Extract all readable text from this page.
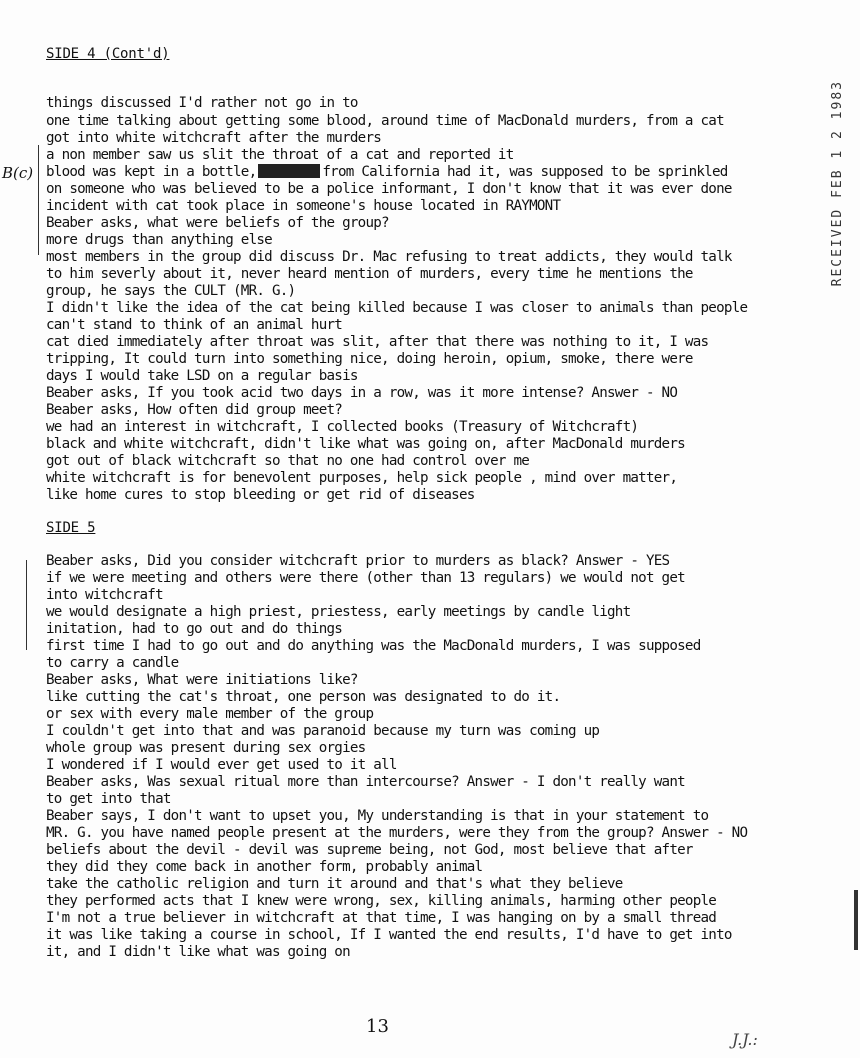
SIDE 4 (Cont'd)
things discussed I'd rather not go in to
one time talking about getting some blood, around time of MacDonald murders, from a cat
got into white witchcraft after the murders
a non member saw us slit the throat of a cat and reported it
blood was kept in a bottle,	from California had it, was supposed to be sprinkled
on someone who was believed to be a police informant, I don't know that it was ever done
incident with cat took place in someone's house located in RAYMONT
Beaber asks, what were beliefs of the group?
more drugs than anything else
most members in the group did discuss Dr. Mac refusing to treat addicts, they would talk
to him severly about it, never heard mention of murders, every time he mentions the
group, he says the CULT (MR. G.)
I didn't like the idea of the cat being killed because I was closer to animals than people
can't stand to think of an animal hurt
cat died immediately after throat was slit, after that there was nothing to it, I was
tripping, It could turn into something nice, doing heroin, opium, smoke, there were
days I would take LSD on a regular basis
Beaber asks, If you took acid two days in a row, was it more intense? Answer - NO
Beaber asks, How often did group meet?
we had an interest in witchcraft, I collected books (Treasury of Witchcraft)
black and white witchcraft, didn't like what was going on, after MacDonald murders
got out of black witchcraft so that no one had control over me
white witchcraft is for benevolent purposes, help sick people , mind over matter,
like home cures to stop bleeding or get rid of diseases
SIDE 5
Beaber asks, Did you consider witchcraft prior to murders as black? Answer - YES
if we were meeting and others were there (other than 13 regulars) we would not get
into witchcraft
we would designate a high priest, priestess, early meetings by candle light
initation, had to go out and do things
first time I had to go out and do anything was the MacDonald murders, I was supposed
to carry a candle
Beaber asks, What were initiations like?
like cutting the cat's throat, one person was designated to do it.
or sex with every male member of the group
I couldn't get into that and was paranoid because my turn was coming up
whole group was present during sex orgies
I wondered if I would ever get used to it all
Beaber asks, Was sexual ritual more than intercourse? Answer - I don't really want
to get into that
Beaber says, I don't want to upset you, My understanding is that in your statement to
MR. G. you have named people present at the murders, were they from the group? Answer - NO
beliefs about the devil - devil was supreme being, not God, most believe that after
they did they come back in another form, probably animal
take the catholic religion and turn it around and that's what they believe
they performed acts that I knew were wrong, sex, killing animals, harming other people
I'm not a true believer in witchcraft at that time, I was hanging on by a small thread
it was like taking a course in school, If I wanted the end results, I'd have to get into
it, and I didn't like what was going on
B(c)	RECEIVED FEB 1 2 1983
13
J.J.:
